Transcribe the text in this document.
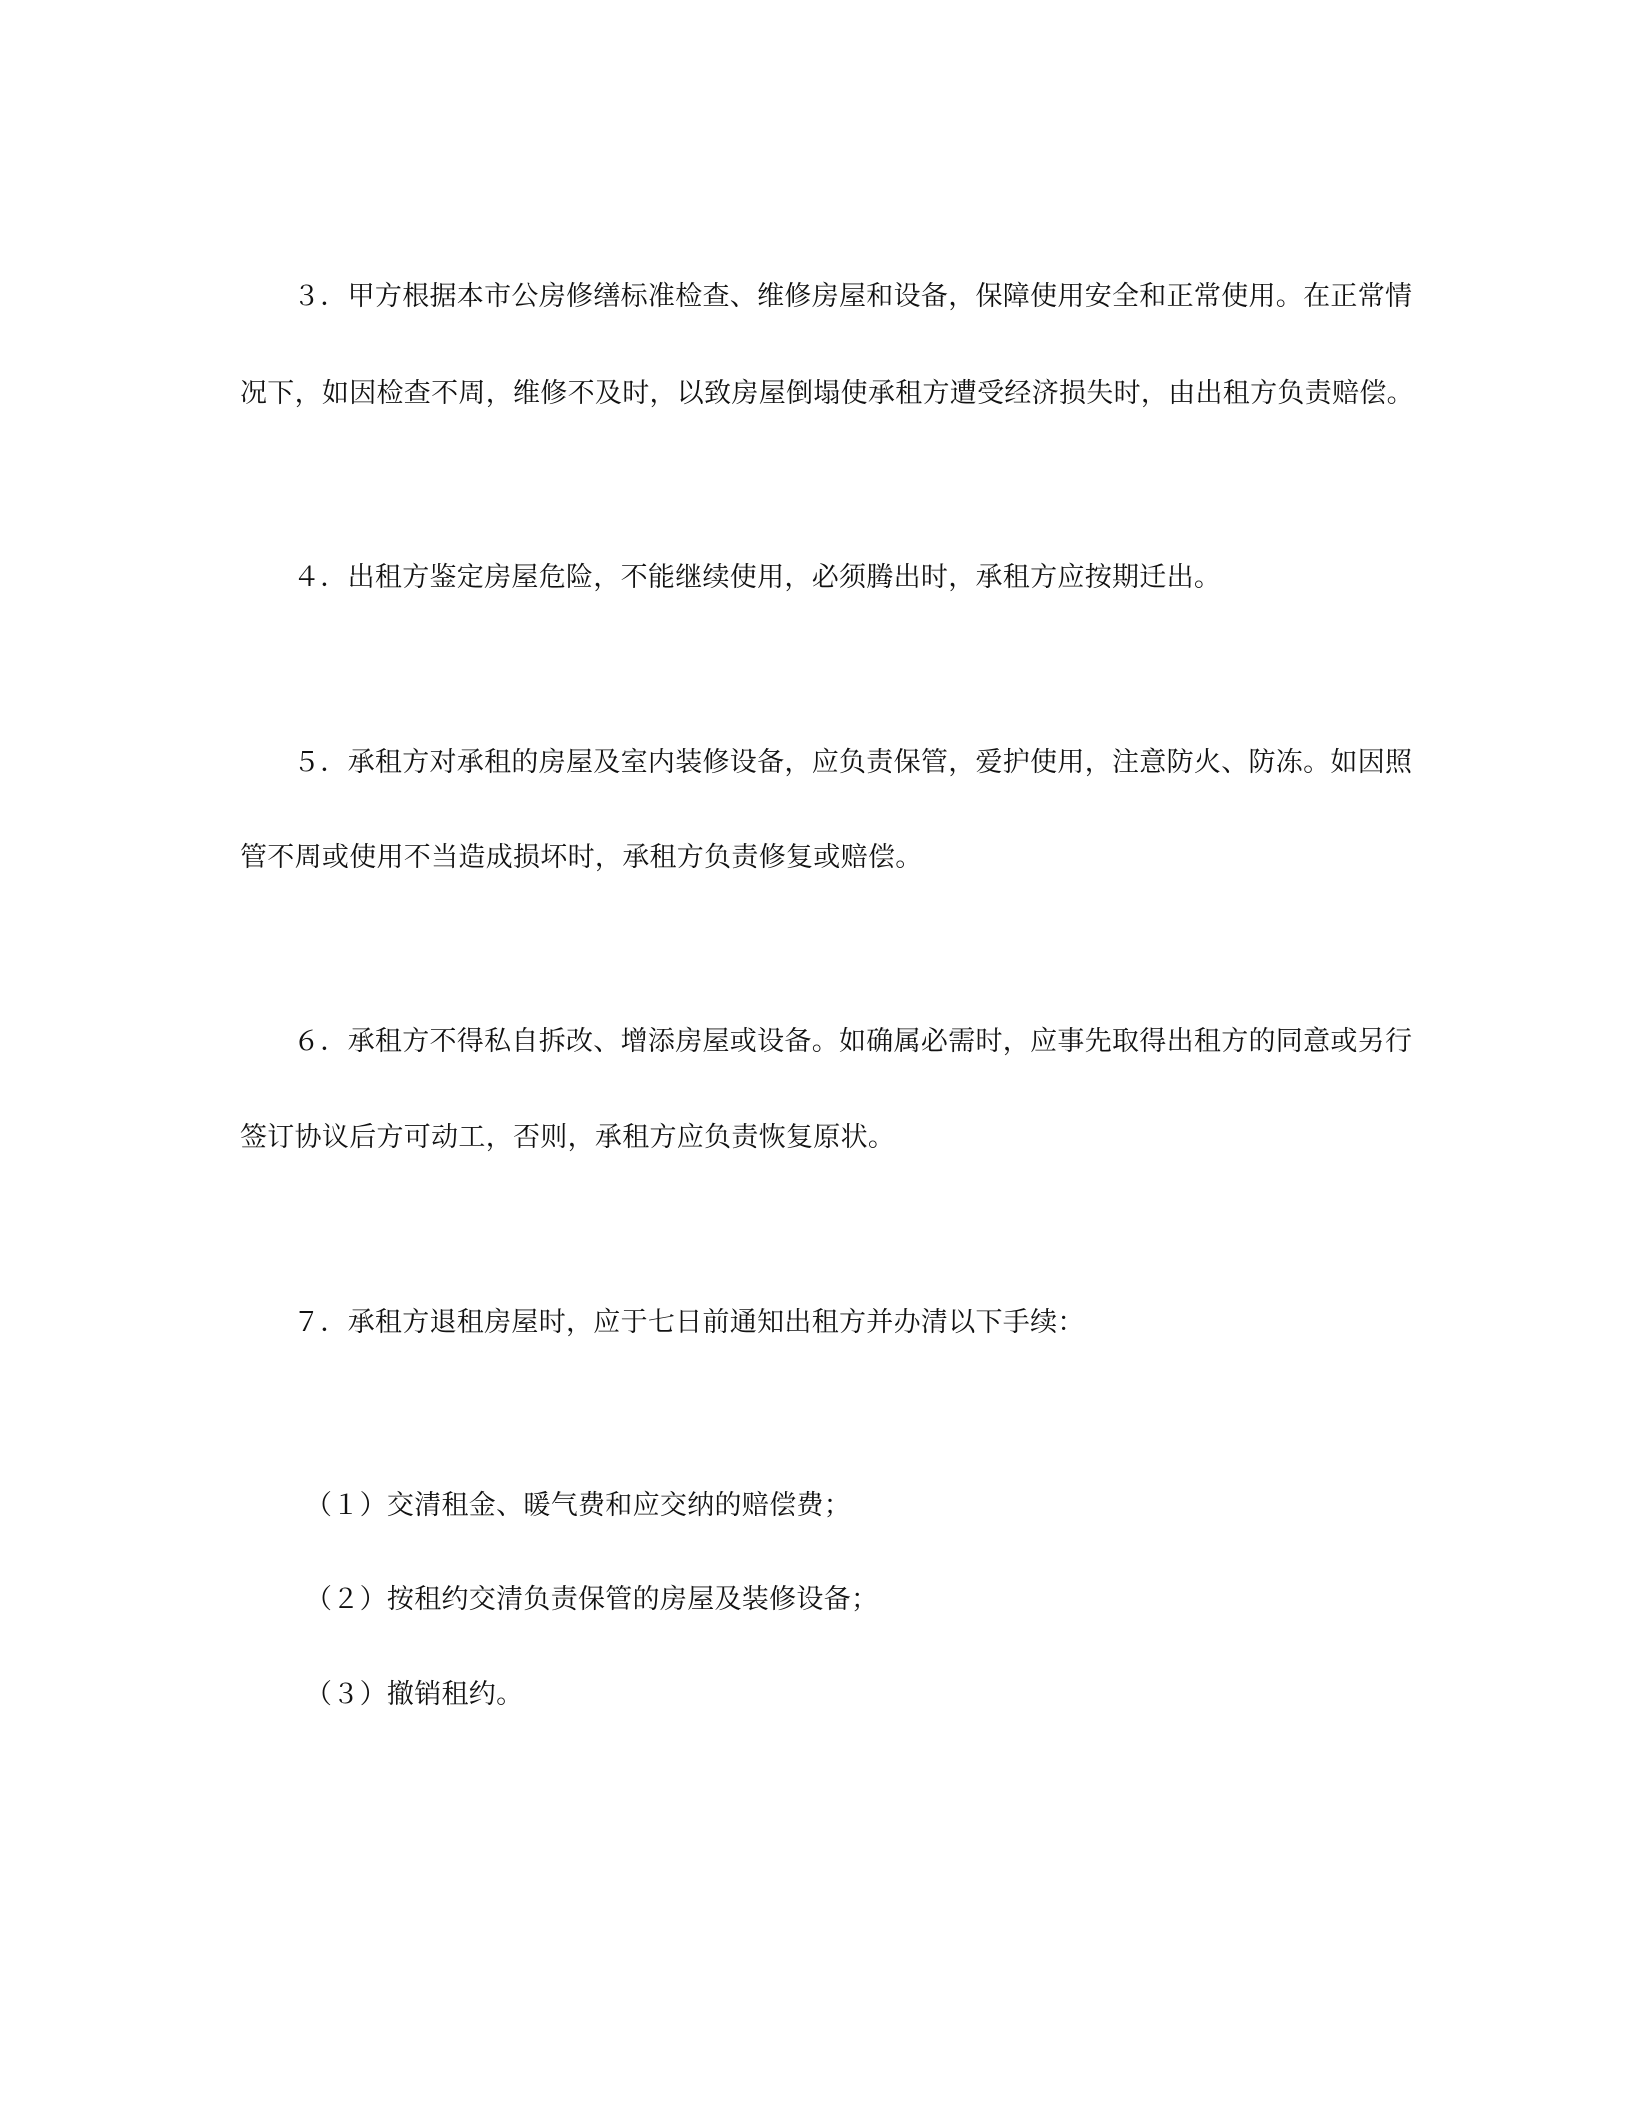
３．甲方根据本市公房修缮标准检查、维修房屋和设备，保障使用安全和正常使用。在正常情
况下，如因检查不周，维修不及时，以致房屋倒塌使承租方遭受经济损失时，由出租方负责赔偿。
４．出租方鉴定房屋危险，不能继续使用，必须腾出时，承租方应按期迁出。
５．承租方对承租的房屋及室内装修设备，应负责保管，爱护使用，注意防火、防冻。如因照
管不周或使用不当造成损坏时，承租方负责修复或赔偿。
６．承租方不得私自拆改、增添房屋或设备。如确属必需时，应事先取得出租方的同意或另行
签订协议后方可动工，否则，承租方应负责恢复原状。
７．承租方退租房屋时，应于七日前通知出租方并办清以下手续：
（１）交清租金、暖气费和应交纳的赔偿费；
（２）按租约交清负责保管的房屋及装修设备；
（３）撤销租约。
